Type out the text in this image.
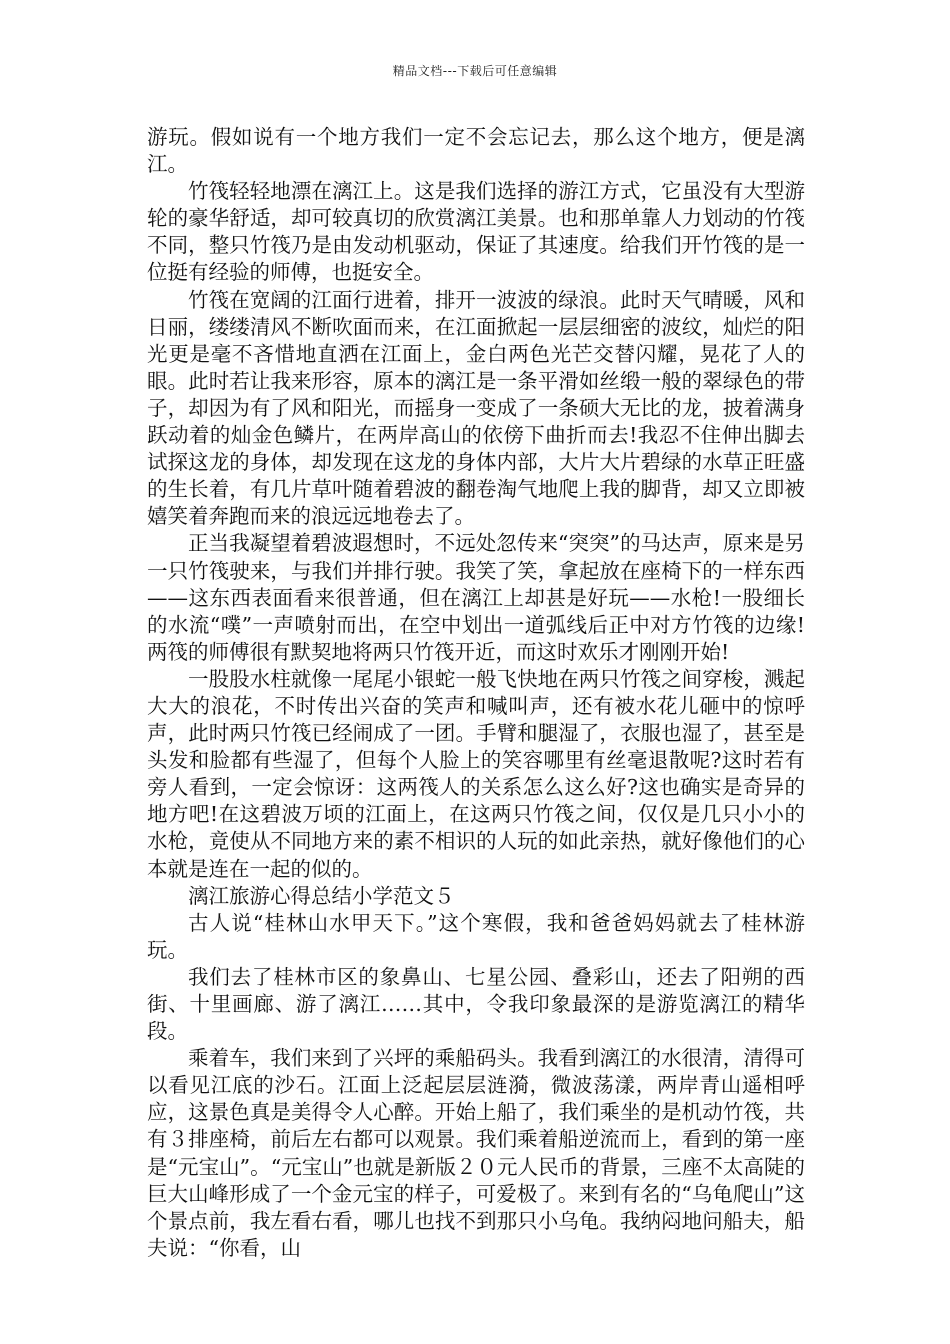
精品文档---下载后可任意编辑

游玩。假如说有一个地方我们一定不会忘记去，那么这个地方，便是漓江。

竹筏轻轻地漂在漓江上。这是我们选择的游江方式，它虽没有大型游轮的豪华舒适，却可较真切的欣赏漓江美景。也和那单靠人力划动的竹筏不同，整只竹筏乃是由发动机驱动，保证了其速度。给我们开竹筏的是一位挺有经验的师傅，也挺安全。

竹筏在宽阔的江面行进着，排开一波波的绿浪。此时天气晴暖，风和日丽，缕缕清风不断吹面而来，在江面掀起一层层细密的波纹，灿烂的阳光更是毫不吝惜地直洒在江面上，金白两色光芒交替闪耀，晃花了人的眼。此时若让我来形容，原本的漓江是一条平滑如丝缎一般的翠绿色的带子，却因为有了风和阳光，而摇身一变成了一条硕大无比的龙，披着满身跃动着的灿金色鳞片，在两岸高山的依傍下曲折而去!我忍不住伸出脚去试探这龙的身体，却发现在这龙的身体内部，大片大片碧绿的水草正旺盛的生长着，有几片草叶随着碧波的翻卷淘气地爬上我的脚背，却又立即被嬉笑着奔跑而来的浪远远地卷去了。

正当我凝望着碧波遐想时，不远处忽传来“突突”的马达声，原来是另一只竹筏驶来，与我们并排行驶。我笑了笑，拿起放在座椅下的一样东西——这东西表面看来很普通，但在漓江上却甚是好玩——水枪!一股细长的水流“噗”一声喷射而出，在空中划出一道弧线后正中对方竹筏的边缘!两筏的师傅很有默契地将两只竹筏开近，而这时欢乐才刚刚开始!

一股股水柱就像一尾尾小银蛇一般飞快地在两只竹筏之间穿梭，溅起大大的浪花，不时传出兴奋的笑声和喊叫声，还有被水花儿砸中的惊呼声，此时两只竹筏已经闹成了一团。手臂和腿湿了，衣服也湿了，甚至是头发和脸都有些湿了，但每个人脸上的笑容哪里有丝毫退散呢?这时若有旁人看到，一定会惊讶：这两筏人的关系怎么这么好?这也确实是奇异的地方吧!在这碧波万顷的江面上，在这两只竹筏之间，仅仅是几只小小的水枪，竟使从不同地方来的素不相识的人玩的如此亲热，就好像他们的心本就是连在一起的似的。

漓江旅游心得总结小学范文５

古人说“桂林山水甲天下。”这个寒假，我和爸爸妈妈就去了桂林游玩。

我们去了桂林市区的象鼻山、七星公园、叠彩山，还去了阳朔的西街、十里画廊、游了漓江……其中，令我印象最深的是游览漓江的精华段。

乘着车，我们来到了兴坪的乘船码头。我看到漓江的水很清，清得可以看见江底的沙石。江面上泛起层层涟漪，微波荡漾，两岸青山遥相呼应，这景色真是美得令人心醉。开始上船了，我们乘坐的是机动竹筏，共有３排座椅，前后左右都可以观景。我们乘着船逆流而上，看到的第一座是“元宝山”。“元宝山”也就是新版２０元人民币的背景，三座不太高陡的巨大山峰形成了一个金元宝的样子，可爱极了。来到有名的“乌龟爬山”这个景点前，我左看右看，哪儿也找不到那只小乌龟。我纳闷地问船夫，船夫说：“你看，山
